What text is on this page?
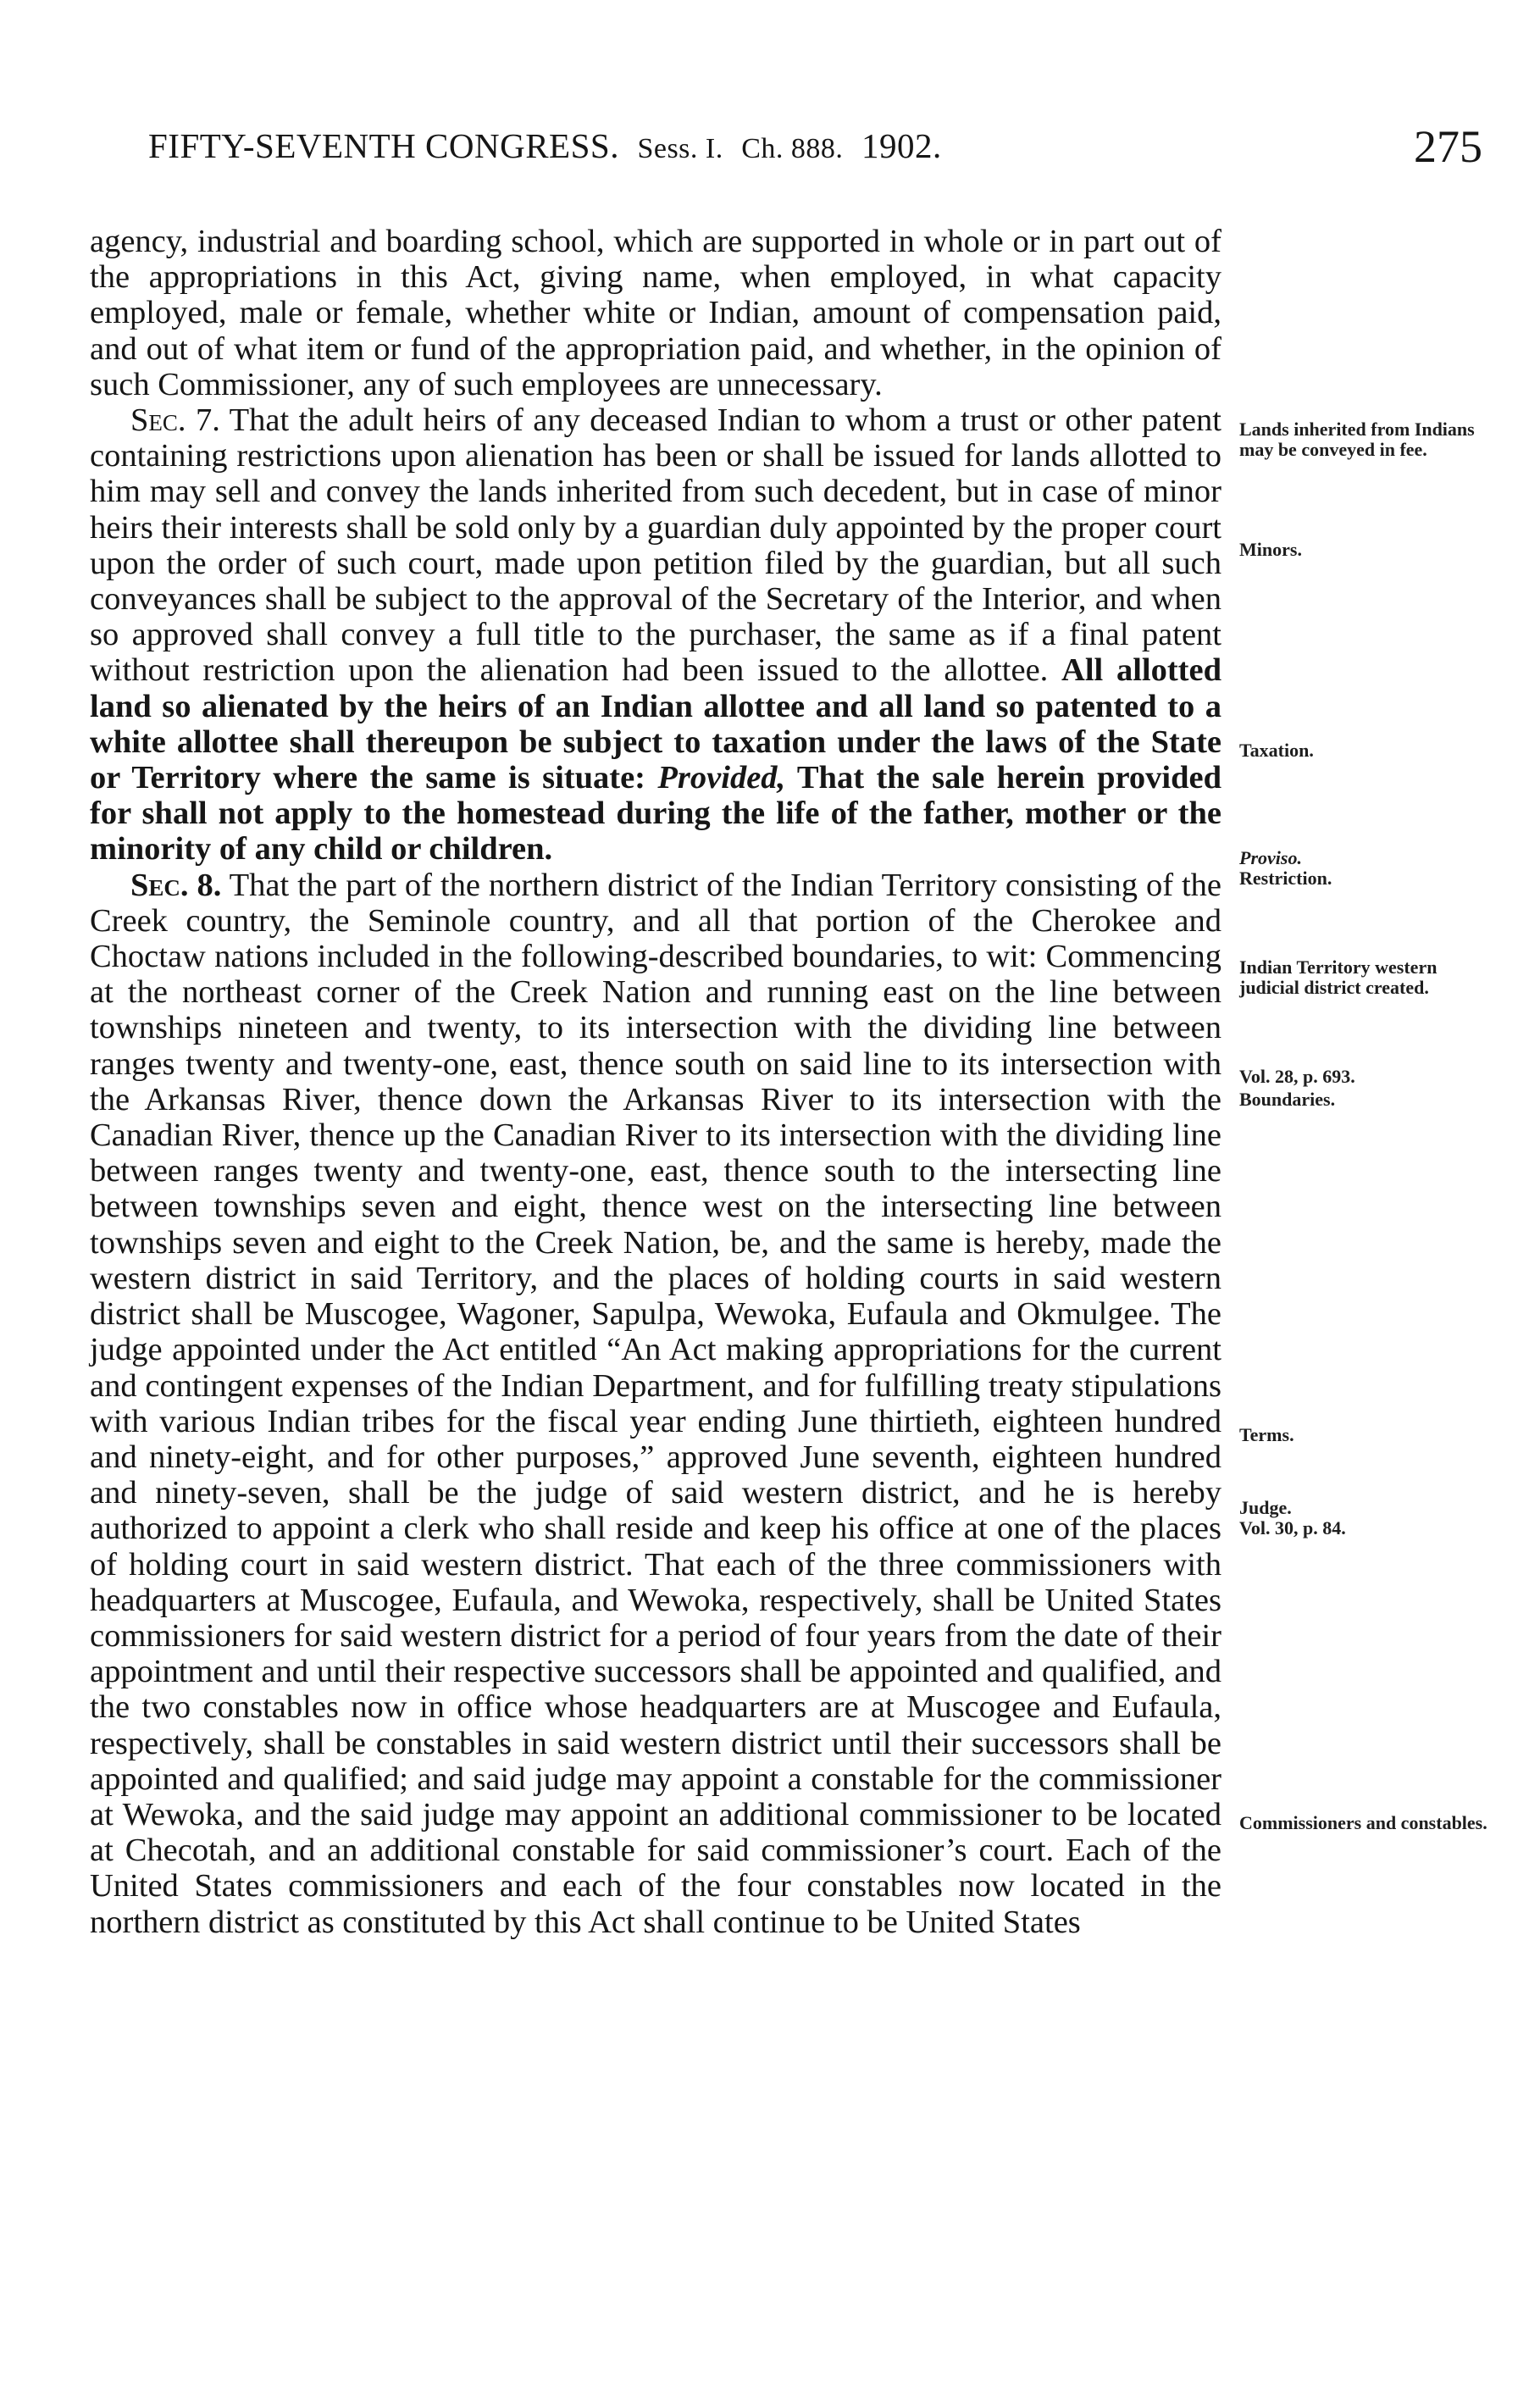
FIFTY-SEVENTH CONGRESS. Sess. I. Ch. 888. 1902.	275

agency, industrial and boarding school, which are supported in whole or in part out of the appropriations in this Act, giving name, when employed, in what capacity employed, male or female, whether white or Indian, amount of compensation paid, and out of what item or fund of the appropriation paid, and whether, in the opinion of such Commissioner, any of such employees are unnecessary.

Sec. 7. That the adult heirs of any deceased Indian to whom a trust or other patent containing restrictions upon alienation has been or shall be issued for lands allotted to him may sell and convey the lands inherited from such decedent, but in case of minor heirs their interests shall be sold only by a guardian duly appointed by the proper court upon the order of such court, made upon petition filed by the guardian, but all such conveyances shall be subject to the approval of the Secretary of the Interior, and when so approved shall convey a full title to the purchaser, the same as if a final patent without restriction upon the alienation had been issued to the allottee. All allotted land so alienated by the heirs of an Indian allottee and all land so patented to a white allottee shall thereupon be subject to taxation under the laws of the State or Territory where the same is situate: Provided, That the sale herein provided for shall not apply to the homestead during the life of the father, mother or the minority of any child or children.

Sec. 8. That the part of the northern district of the Indian Territory consisting of the Creek country, the Seminole country, and all that portion of the Cherokee and Choctaw nations included in the following-described boundaries, to wit: Commencing at the northeast corner of the Creek Nation and running east on the line between townships nineteen and twenty, to its intersection with the dividing line between ranges twenty and twenty-one, east, thence south on said line to its intersection with the Arkansas River, thence down the Arkansas River to its intersection with the Canadian River, thence up the Canadian River to its intersection with the dividing line between ranges twenty and twenty-one, east, thence south to the intersecting line between townships seven and eight, thence west on the intersecting line between townships seven and eight to the Creek Nation, be, and the same is hereby, made the western district in said Territory, and the places of holding courts in said western district shall be Muscogee, Wagoner, Sapulpa, Wewoka, Eufaula and Okmulgee. The judge appointed under the Act entitled “An Act making appropriations for the current and contingent expenses of the Indian Department, and for fulfilling treaty stipulations with various Indian tribes for the fiscal year ending June thirtieth, eighteen hundred and ninety-eight, and for other purposes,” approved June seventh, eighteen hundred and ninety-seven, shall be the judge of said western district, and he is hereby authorized to appoint a clerk who shall reside and keep his office at one of the places of holding court in said western district. That each of the three commissioners with headquarters at Muscogee, Eufaula, and Wewoka, respectively, shall be United States commissioners for said western district for a period of four years from the date of their appointment and until their respective successors shall be appointed and qualified, and the two constables now in office whose headquarters are at Muscogee and Eufaula, respectively, shall be constables in said western district until their successors shall be appointed and qualified; and said judge may appoint a constable for the commissioner at Wewoka, and the said judge may appoint an additional commissioner to be located at Checotah, and an additional constable for said commissioner’s court. Each of the United States commissioners and each of the four constables now located in the northern district as constituted by this Act shall continue to be United States

Lands inherited from Indians may be conveyed in fee.
Minors.
Taxation.
Proviso.
Restriction.
Indian Territory western judicial district created.
Vol. 28, p. 693.
Boundaries.
Terms.
Judge.
Vol. 30, p. 84.
Commissioners and constables.
